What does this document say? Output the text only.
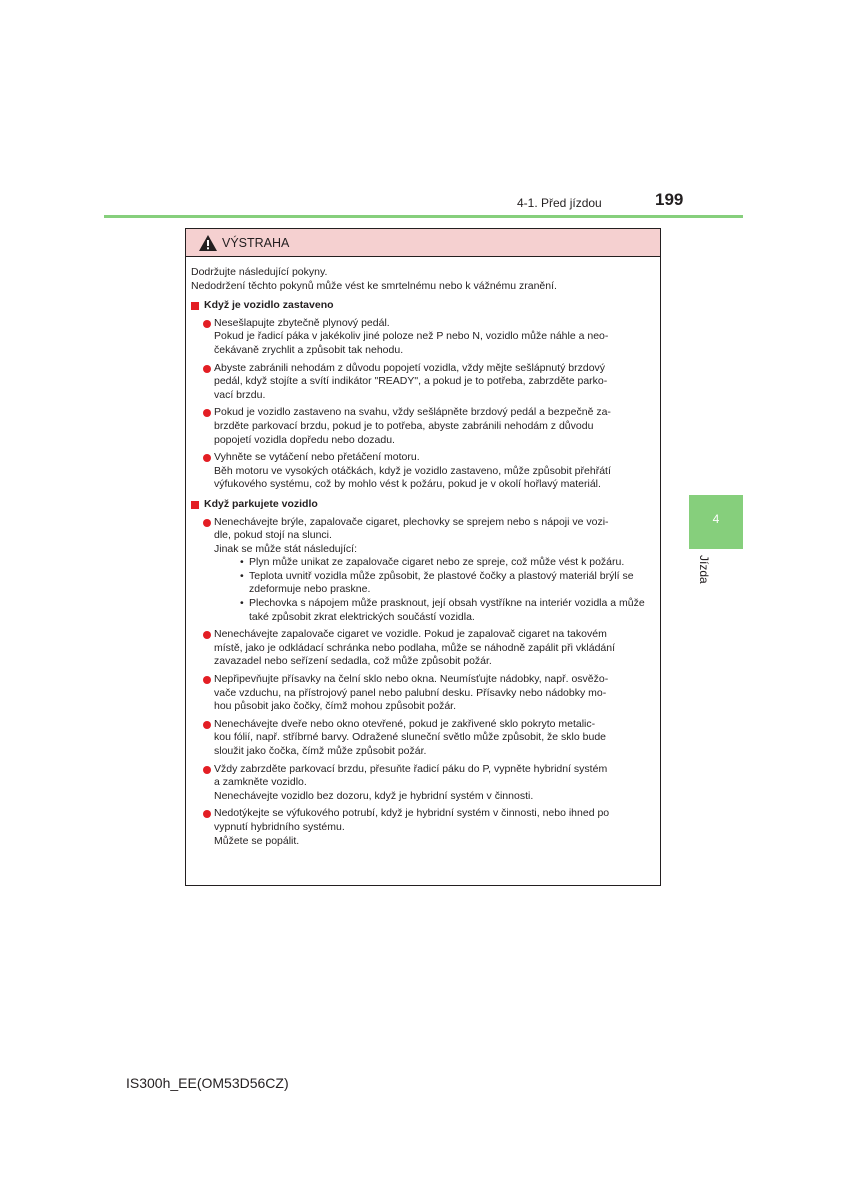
4-1. Před jízdou	199
4
Jízda
VÝSTRAHA
Dodržujte následující pokyny.
Nedodržení těchto pokynů může vést ke smrtelnému nebo k vážnému zranění.
Když je vozidlo zastaveno
Nesešlapujte zbytečně plynový pedál.
Pokud je řadicí páka v jakékoliv jiné poloze než P nebo N, vozidlo může náhle a neo-
čekávaně zrychlit a způsobit tak nehodu.
Abyste zabránili nehodám z důvodu popojetí vozidla, vždy mějte sešlápnutý brzdový
pedál, když stojíte a svítí indikátor "READY", a pokud je to potřeba, zabrzděte parko-
vací brzdu.
Pokud je vozidlo zastaveno na svahu, vždy sešlápněte brzdový pedál a bezpečně za-
brzděte parkovací brzdu, pokud je to potřeba, abyste zabránili nehodám z důvodu
popojetí vozidla dopředu nebo dozadu.
Vyhněte se vytáčení nebo přetáčení motoru.
Běh motoru ve vysokých otáčkách, když je vozidlo zastaveno, může způsobit přehřátí
výfukového systému, což by mohlo vést k požáru, pokud je v okolí hořlavý materiál.
Když parkujete vozidlo
Nenechávejte brýle, zapalovače cigaret, plechovky se sprejem nebo s nápoji ve vozi-
dle, pokud stojí na slunci.
Jinak se může stát následující:
• Plyn může unikat ze zapalovače cigaret nebo ze spreje, což může vést k požáru.
• Teplota uvnitř vozidla může způsobit, že plastové čočky a plastový materiál brýlí se
zdeformuje nebo praskne.
• Plechovka s nápojem může prasknout, její obsah vystříkne na interiér vozidla a může
také způsobit zkrat elektrických součástí vozidla.
Nenechávejte zapalovače cigaret ve vozidle. Pokud je zapalovač cigaret na takovém
místě, jako je odkládací schránka nebo podlaha, může se náhodně zapálit při vkládání
zavazadel nebo seřízení sedadla, což může způsobit požár.
Nepřipevňujte přísavky na čelní sklo nebo okna. Neumísťujte nádobky, např. osvěžo-
vače vzduchu, na přístrojový panel nebo palubní desku. Přísavky nebo nádobky mo-
hou působit jako čočky, čímž mohou způsobit požár.
Nenechávejte dveře nebo okno otevřené, pokud je zakřivené sklo pokryto metalic-
kou fólií, např. stříbrné barvy. Odražené sluneční světlo může způsobit, že sklo bude
sloužit jako čočka, čímž může způsobit požár.
Vždy zabrzděte parkovací brzdu, přesuňte řadicí páku do P, vypněte hybridní systém
a zamkněte vozidlo.
Nenechávejte vozidlo bez dozoru, když je hybridní systém v činnosti.
Nedotýkejte se výfukového potrubí, když je hybridní systém v činnosti, nebo ihned po
vypnutí hybridního systému.
Můžete se popálit.
IS300h_EE(OM53D56CZ)
